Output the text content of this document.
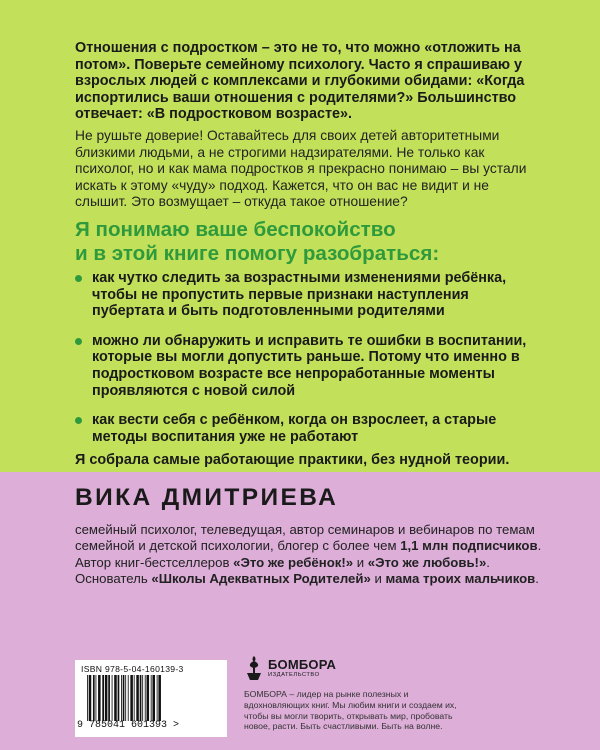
Отношения с подростком – это не то, что можно «отложить на потом». Поверьте семейному психологу. Часто я спрашиваю у взрослых людей с комплексами и глубокими обидами: «Когда испортились ваши отношения с родителями?» Большинство отвечает: «В подростковом возрасте».

Не рушьте доверие! Оставайтесь для своих детей авторитетными близкими людьми, а не строгими надзирателями. Не только как психолог, но и как мама подростков я прекрасно понимаю – вы устали искать к этому «чуду» подход. Кажется, что он вас не видит и не слышит. Это возмущает – откуда такое отношение?

Я понимаю ваше беспокойство
и в этой книге помогу разобраться:
как чутко следить за возрастными изменениями ребёнка, чтобы не пропустить первые признаки наступления пубертата и быть подготовленными родителями
можно ли обнаружить и исправить те ошибки в воспитании, которые вы могли допустить раньше. Потому что именно в подростковом возрасте все непроработанные моменты проявляются с новой силой
как вести себя с ребёнком, когда он взрослеет, а старые методы воспитания уже не работают

Я собрала самые работающие практики, без нудной теории.

ВИКА ДМИТРИЕВА

семейный психолог, телеведущая, автор семинаров и вебинаров по темам семейной и детской психологии, блогер с более чем 1,1 млн подписчиков. Автор книг-бестселлеров «Это же ребёнок!» и «Это же любовь!». Основатель «Школы Адекватных Родителей» и мама троих мальчиков.

ISBN 978-5-04-160139-3
9 785041 601393 >
БОМБОРА
ИЗДАТЕЛЬСТВО

БОМБОРА – лидер на рынке полезных и вдохновляющих книг. Мы любим книги и создаем их, чтобы вы могли творить, открывать мир, пробовать новое, расти. Быть счастливыми. Быть на волне.
